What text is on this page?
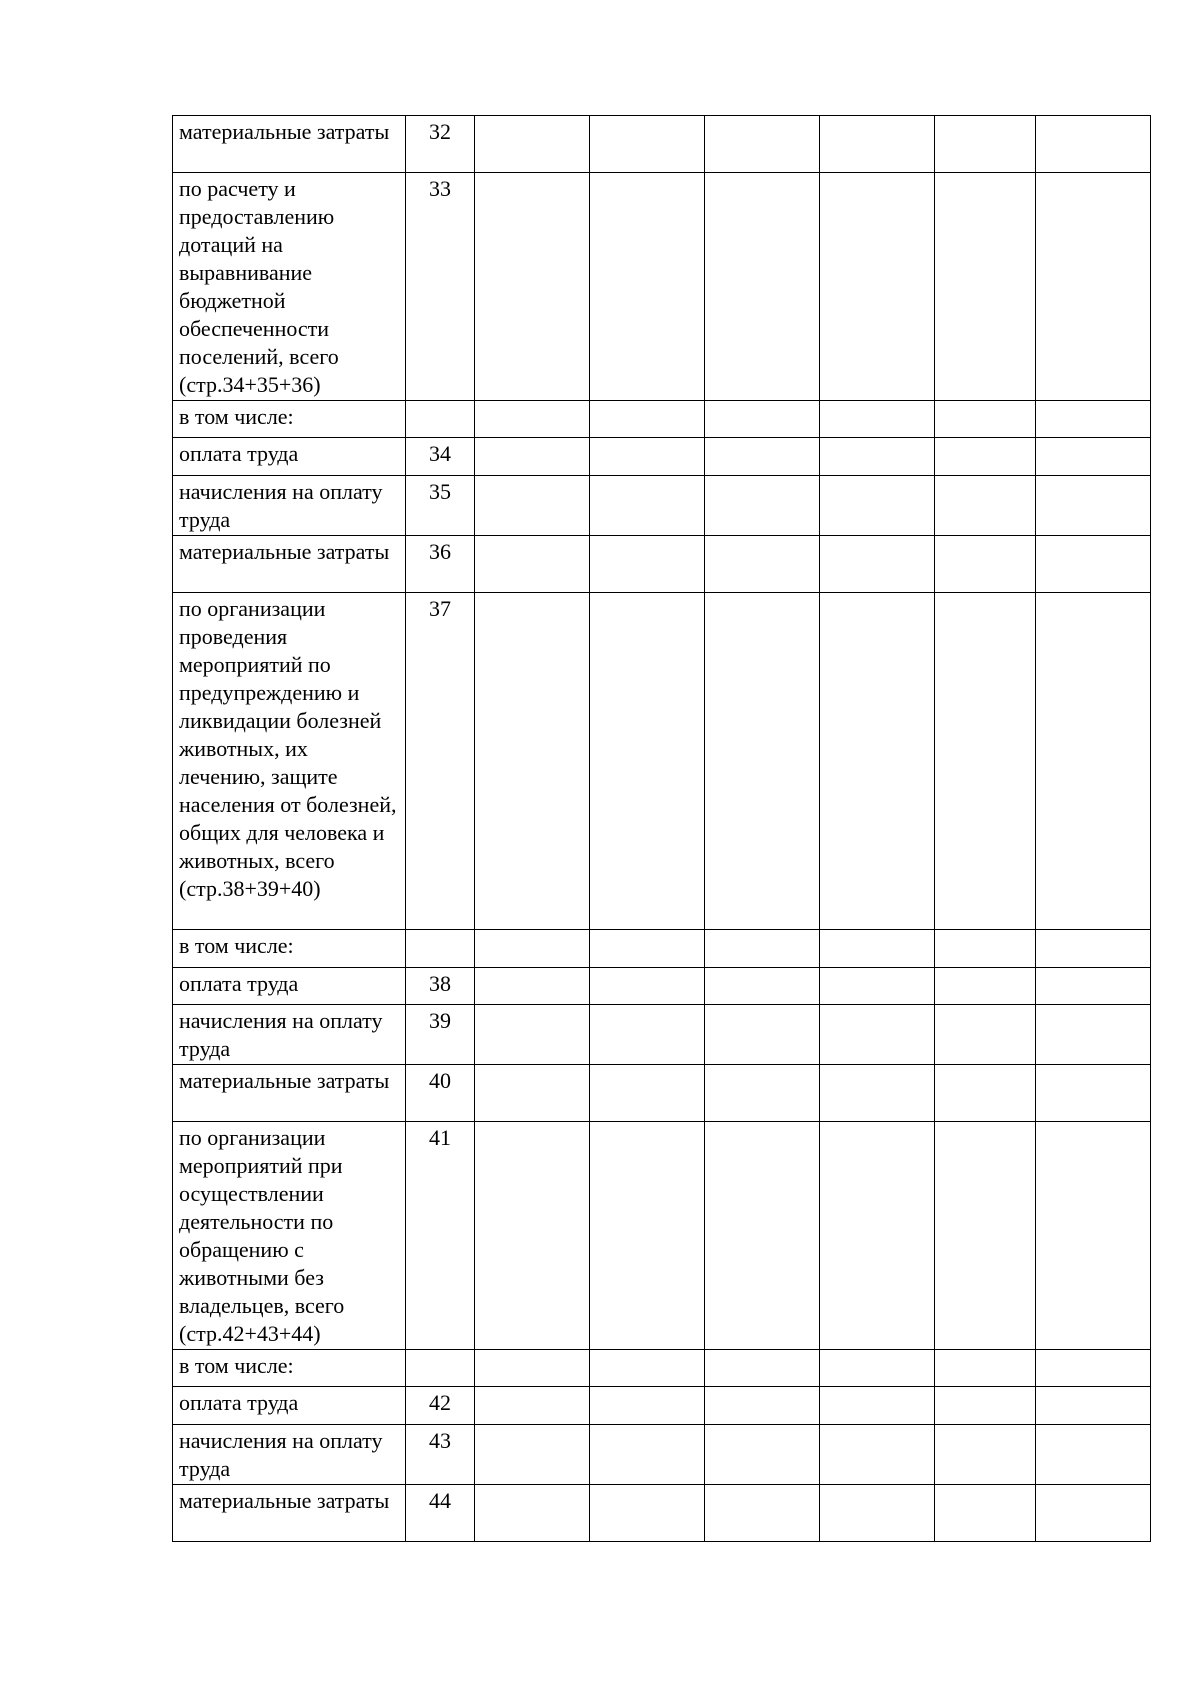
материальные затраты	32						
по расчету и предоставлению дотаций на выравнивание бюджетной обеспеченности поселений, всего (стр.34+35+36)	33						
в том числе:							
оплата труда	34						
начисления на оплату труда	35						
материальные затраты	36						
по организации проведения мероприятий по предупреждению и ликвидации болезней животных, их лечению, защите населения от болезней, общих для человека и животных, всего (стр.38+39+40)	37						
в том числе:							
оплата труда	38						
начисления на оплату труда	39						
материальные затраты	40						
по организации мероприятий при осуществлении деятельности по обращению с животными без владельцев, всего (стр.42+43+44)	41						
в том числе:							
оплата труда	42						
начисления на оплату труда	43						
материальные затраты	44						
